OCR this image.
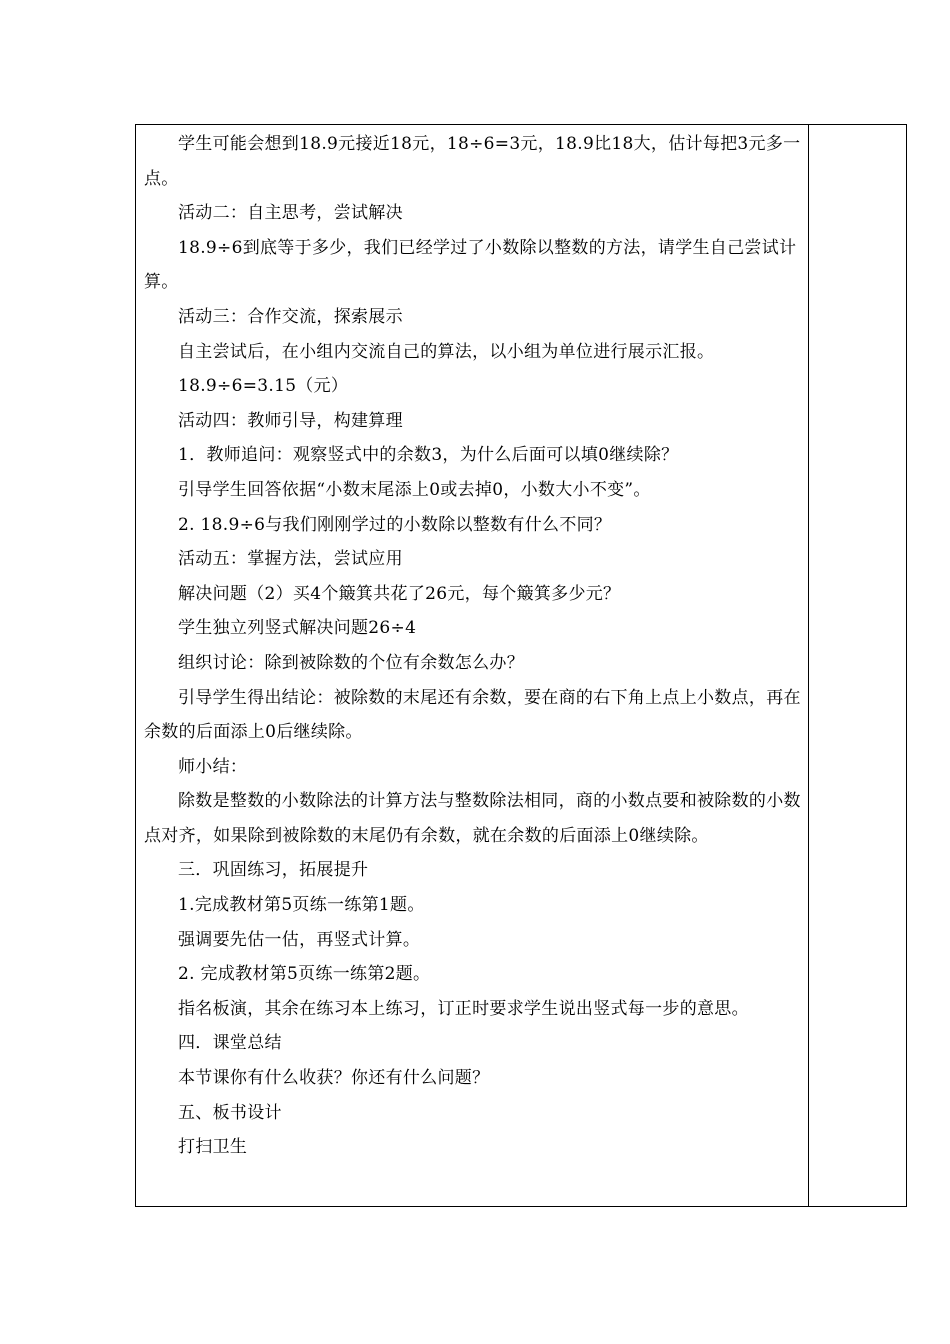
学生可能会想到18.9元接近18元，18÷6=3元，18.9比18大，估计每把3元多一点。

活动二：自主思考，尝试解决

18.9÷6到底等于多少，我们已经学过了小数除以整数的方法，请学生自己尝试计算。

活动三：合作交流，探索展示

自主尝试后，在小组内交流自己的算法，以小组为单位进行展示汇报。

18.9÷6=3.15（元）

活动四：教师引导，构建算理

1．教师追问：观察竖式中的余数3，为什么后面可以填0继续除？

引导学生回答依据“小数末尾添上0或去掉0，小数大小不变”。

2. 18.9÷6与我们刚刚学过的小数除以整数有什么不同？

活动五：掌握方法，尝试应用

解决问题（2）买4个簸箕共花了26元，每个簸箕多少元？

学生独立列竖式解决问题26÷4

组织讨论：除到被除数的个位有余数怎么办？

引导学生得出结论：被除数的末尾还有余数，要在商的右下角上点上小数点，再在余数的后面添上0后继续除。

师小结：

除数是整数的小数除法的计算方法与整数除法相同，商的小数点要和被除数的小数点对齐，如果除到被除数的末尾仍有余数，就在余数的后面添上0继续除。

三．巩固练习，拓展提升

1.完成教材第5页练一练第1题。

强调要先估一估，再竖式计算。

2. 完成教材第5页练一练第2题。

指名板演，其余在练习本上练习，订正时要求学生说出竖式每一步的意思。

四．课堂总结

本节课你有什么收获？你还有什么问题？

五、板书设计

打扫卫生
